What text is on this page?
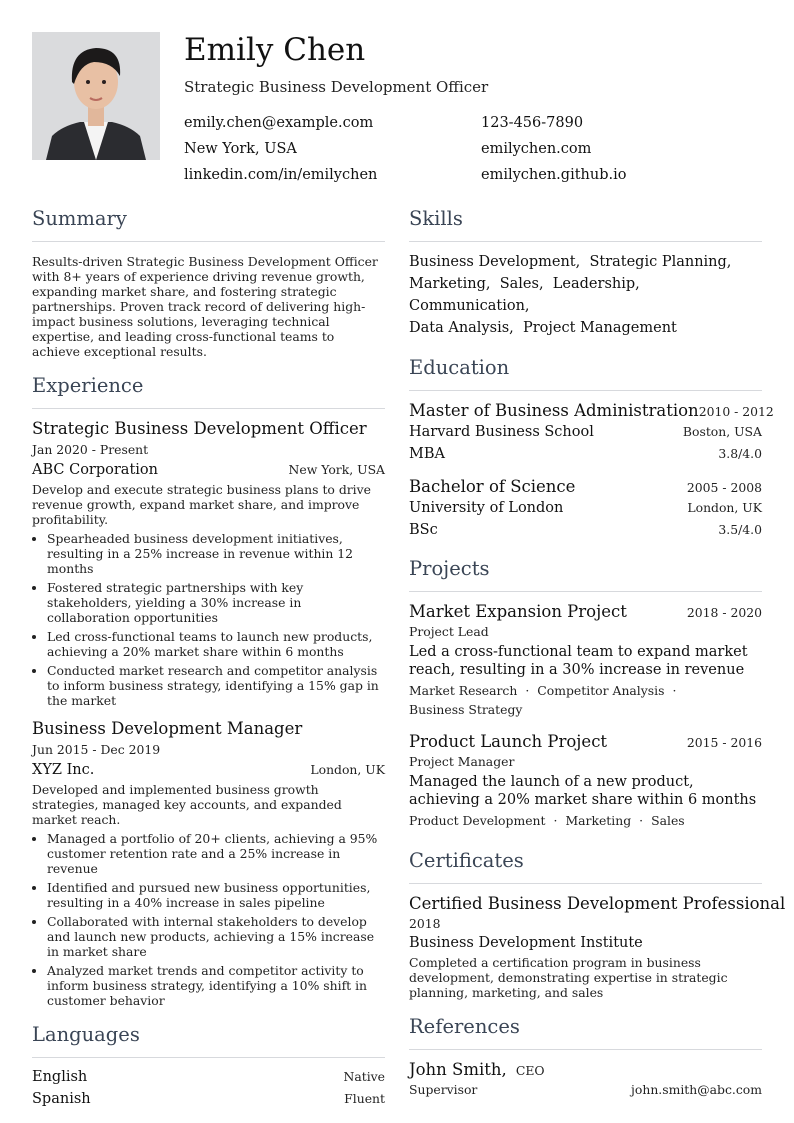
Emily Chen
Strategic Business Development Officer
emily.chen@example.com	123-456-7890
New York, USA	emilychen.com
linkedin.com/in/emilychen	emilychen.github.io
Summary
Results-driven Strategic Business Development Officer with 8+ years of experience driving revenue growth, expanding market share, and fostering strategic partnerships. Proven track record of delivering high-impact business solutions, leveraging technical expertise, and leading cross-functional teams to achieve exceptional results.
Experience
Strategic Business Development Officer
Jan 2020 - Present
ABC Corporation	New York, USA
Develop and execute strategic business plans to drive revenue growth, expand market share, and improve profitability.
• Spearheaded business development initiatives, resulting in a 25% increase in revenue within 12 months
• Fostered strategic partnerships with key stakeholders, yielding a 30% increase in collaboration opportunities
• Led cross-functional teams to launch new products, achieving a 20% market share within 6 months
• Conducted market research and competitor analysis to inform business strategy, identifying a 15% gap in the market
Business Development Manager
Jun 2015 - Dec 2019
XYZ Inc.	London, UK
Developed and implemented business growth strategies, managed key accounts, and expanded market reach.
• Managed a portfolio of 20+ clients, achieving a 95% customer retention rate and a 25% increase in revenue
• Identified and pursued new business opportunities, resulting in a 40% increase in sales pipeline
• Collaborated with internal stakeholders to develop and launch new products, achieving a 15% increase in market share
• Analyzed market trends and competitor activity to inform business strategy, identifying a 10% shift in customer behavior
Languages
English	Native
Spanish	Fluent
Skills
Business Development, Strategic Planning,
Marketing, Sales, Leadership,  Communication,
Data Analysis, Project Management
Education
Master of Business Administration 2010 - 2012
Harvard Business School	Boston, USA
MBA	3.8/4.0
Bachelor of Science	2005 - 2008
University of London	London, UK
BSc	3.5/4.0
Projects
Market Expansion Project	2018 - 2020
Project Lead
Led a cross-functional team to expand market reach, resulting in a 30% increase in revenue
Market Research · Competitor Analysis ·
Business Strategy
Product Launch Project	2015 - 2016
Project Manager
Managed the launch of a new product, achieving a 20% market share within 6 months
Product Development · Marketing · Sales
Certificates
Certified Business Development Professional
2018
Business Development Institute
Completed a certification program in business development, demonstrating expertise in strategic planning, marketing, and sales
References
John Smith, CEO
Supervisor	john.smith@abc.com
